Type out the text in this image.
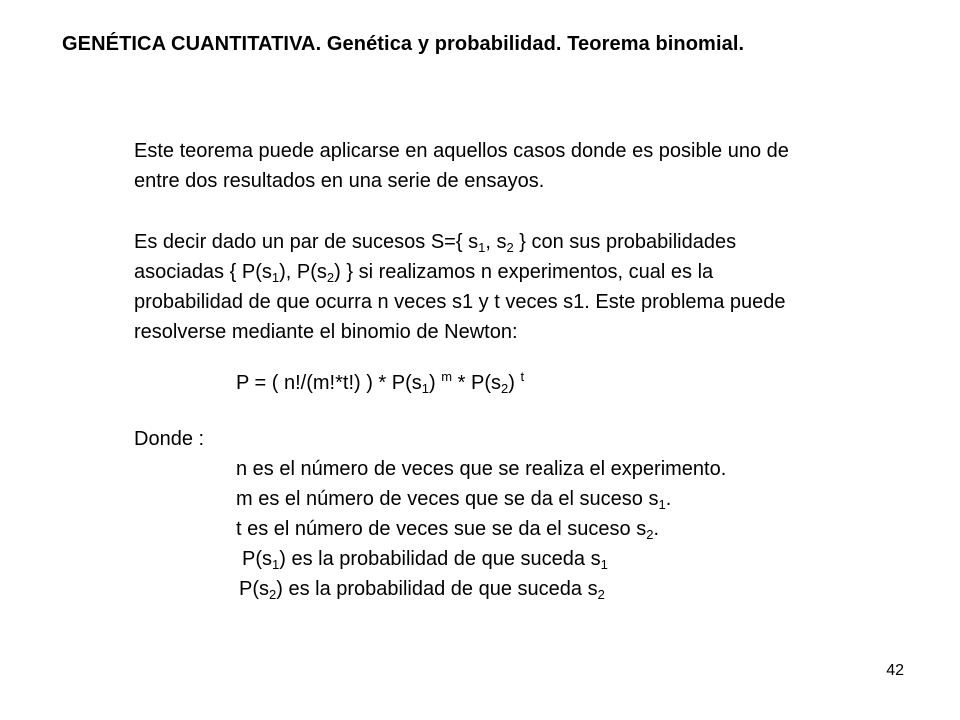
GENÉTICA CUANTITATIVA. Genética y probabilidad. Teorema binomial.
Este teorema puede aplicarse en aquellos casos donde es posible uno de
entre dos resultados en una serie de ensayos.
Es decir dado un par de sucesos S={ $s_1$, $s_2$ } con sus probabilidades
asociadas { $P(s_1)$, $P(s_2)$ } si realizamos n experimentos, cual es la
probabilidad de que ocurra n veces s1 y t veces s1. Este problema puede
resolverse mediante el binomio de Newton:
P = ( n!/(m!*t!) ) * $P(s_1)$ $^m * P(s_2)$ $^t$
Donde :
n es el número de veces que se realiza el experimento.
m es el número de veces que se da el suceso $s_1$.
t es el número de veces sue se da el suceso $s_2$.
$P(s_1)$ es la probabilidad de que suceda $s_1$
$P(s_2)$ es la probabilidad de que suceda $s_2$
42
